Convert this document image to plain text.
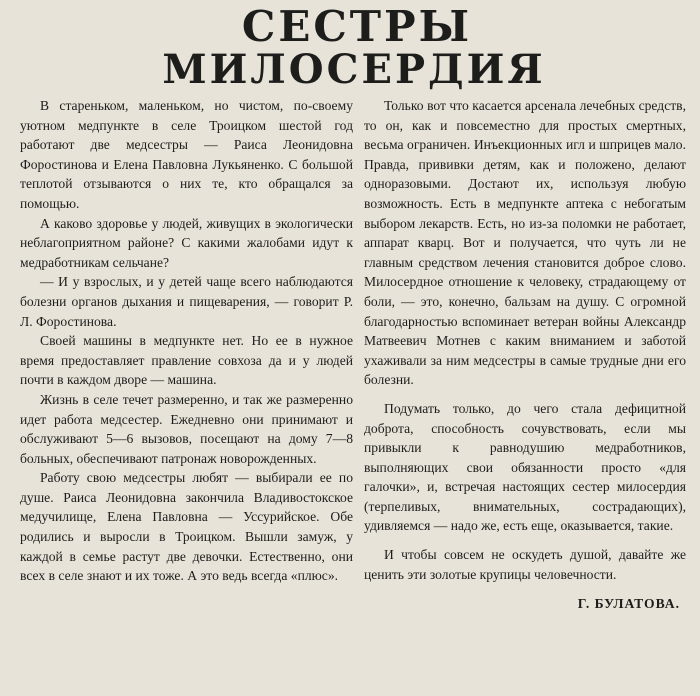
СЕСТРЫ
МИЛОСЕРДИЯ

В стареньком, маленьком, но чистом, по-своему уютном медпункте в селе Троицком шестой год работают две медсестры — Раиса Леонидовна Форостинова и Елена Павловна Лукьяненко. С большой теплотой отзываются о них те, кто обращался за помощью.

А каково здоровье у людей, живущих в экологически неблагоприятном районе? С какими жалобами идут к медработникам сельчане?

— И у взрослых, и у детей чаще всего наблюдаются болезни органов дыхания и пищеварения, — говорит Р. Л. Форостинова.

Своей машины в медпункте нет. Но ее в нужное время предоставляет правление совхоза да и у людей почти в каждом дворе — машина.

Жизнь в селе течет размеренно, и так же размеренно идет работа медсестер. Ежедневно они принимают и обслуживают 5—6 вызовов, посещают на дому 7—8 больных, обеспечивают патронаж новорожденных.

Работу свою медсестры любят — выбирали ее по душе. Раиса Леонидовна закончила Владивостокское медучилище, Елена Павловна — Уссурийское. Обе родились и выросли в Троицком. Вышли замуж, у каждой в семье растут две девочки. Естественно, они всех в селе знают и их тоже. А это ведь всегда «плюс».

Только вот что касается арсенала лечебных средств, то он, как и повсеместно для простых смертных, весьма ограничен. Инъекционных игл и шприцев мало. Правда, прививки детям, как и положено, делают одноразовыми. Достают их, используя любую возможность. Есть в медпункте аптека с небогатым выбором лекарств. Есть, но из-за поломки не работает, аппарат кварц. Вот и получается, что чуть ли не главным средством лечения становится доброе слово. Милосердное отношение к человеку, страдающему от боли, — это, конечно, бальзам на душу. С огромной благодарностью вспоминает ветеран войны Александр Матвеевич Мотнев с каким вниманием и заботой ухаживали за ним медсестры в самые трудные дни его болезни.

Подумать только, до чего стала дефицитной доброта, способность сочувствовать, если мы привыкли к равнодушию медработников, выполняющих свои обязанности просто «для галочки», и, встречая настоящих сестер милосердия (терпеливых, внимательных, сострадающих), удивляемся — надо же, есть еще, оказывается, такие.

И чтобы совсем не оскудеть душой, давайте же ценить эти золотые крупицы человечности.

Г. БУЛАТОВА.
